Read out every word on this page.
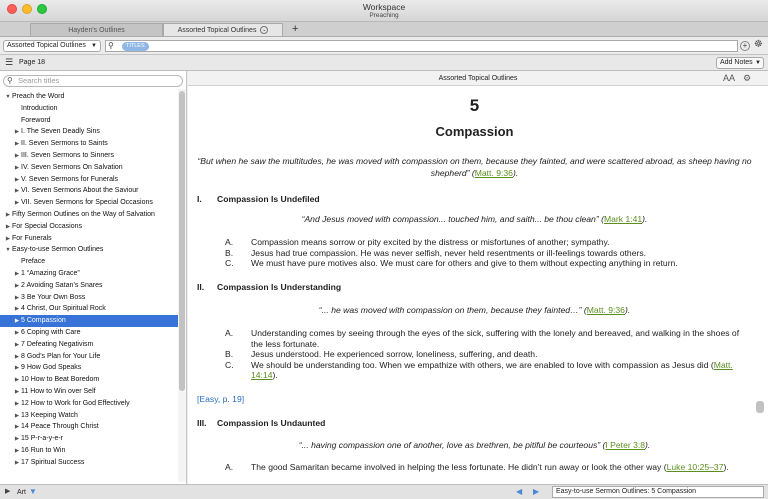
Workspace
Preaching
Hayden's Outlines	Assorted Topical Outlines ⌄	+
Assorted Topical Outlines ▼ ⚲	TITLES	+ ☸
☰ Page 18	Add Notes ▼
⚲ Search titles
▼Preach the Word
Introduction
Foreword
▶ I. The Seven Deadly Sins
▶ II. Seven Sermons to Saints
▶ III. Seven Sermons to Sinners
▶ IV. Seven Sermons On Salvation
▶ V. Seven Sermons for Funerals
▶ VI. Seven Sermons About the Saviour
▶ VII. Seven Sermons for Special Occasions
▶ Fifty Sermon Outlines on the Way of Salvation
▶ For Special Occasions
▶ For Funerals
▼Easy-to-use Sermon Outlines
Preface
▶ 1 “Amazing Grace”
▶ 2 Avoiding Satan’s Snares
▶ 3 Be Your Own Boss
▶ 4 Christ, Our Spiritual Rock
▶ 5 Compassion
▶ 6 Coping with Care
▶ 7 Defeating Negativism
▶ 8 God’s Plan for Your Life
▶ 9 How God Speaks
▶ 10 How to Beat Boredom
▶ 11 How to Win over Self
▶ 12 How to Work for God Effectively
▶ 13 Keeping Watch
▶ 14 Peace Through Christ
▶ 15 P-r-a-y-e-r
▶ 16 Run to Win
▶ 17 Spiritual Success
Assorted Topical Outlines	AA ⚙
5
Compassion
“But when he saw the multitudes, he was moved with compassion on them, because they fainted, and were scattered abroad, as sheep having no shepherd” (Matt. 9:36).
I. Compassion Is Undefiled
“And Jesus moved with compassion... touched him, and saith... be thou clean” (Mark 1:41).
A. Compassion means sorrow or pity excited by the distress or misfortunes of another; sympathy.
B. Jesus had true compassion. He was never selfish, never held resentments or ill-feelings towards others.
C. We must have pure motives also. We must care for others and give to them without expecting anything in return.
II. Compassion Is Understanding
“... he was moved with compassion on them, because they fainted…” (Matt. 9:36).
A. Understanding comes by seeing through the eyes of the sick, suffering with the lonely and bereaved, and walking in the shoes of the less fortunate.
B. Jesus understood. He experienced sorrow, loneliness, suffering, and death.
C. We should be understanding too. When we empathize with others, we are enabled to love with compassion as Jesus did (Matt. 14:14).
[Easy, p. 19]
III. Compassion Is Undaunted
“... having compassion one of another, love as brethren, be pitiful be courteous” (I Peter 3:8).
A. The good Samaritan became involved in helping the less fortunate. He didn’t run away or look the other way (Luke 10:25–37).
▶ Art ▼	◀ ▶	Easy-to-use Sermon Outlines: 5 Compassion
